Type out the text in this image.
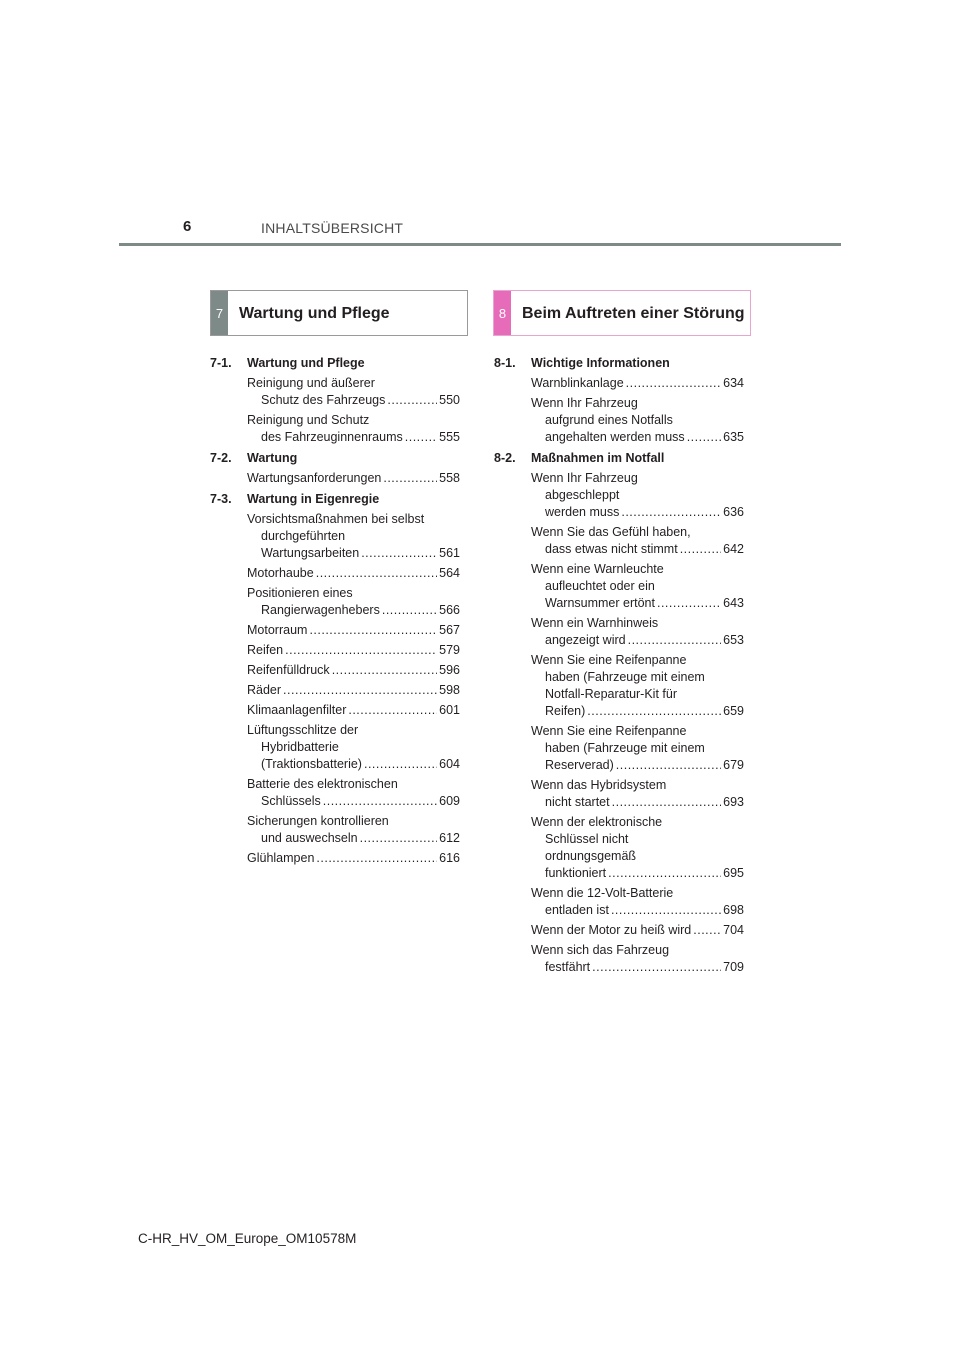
6	INHALTSÜBERSICHT
7 Wartung und Pflege	8 Beim Auftreten einer Störung
7-1.	Wartung und Pflege
Reinigung und äußerer
Schutz des Fahrzeugs .....	550
Reinigung und Schutz
des Fahrzeuginnenraums .....	555
7-2.	Wartung
Wartungsanforderungen .....	558
7-3.	Wartung in Eigenregie
Vorsichtsmaßnahmen bei selbst
durchgeführten
Wartungsarbeiten .....	561
Motorhaube .....	564
Positionieren eines
Rangierwagenhebers .....	566
Motorraum .....	567
Reifen .....	579
Reifenfülldruck .....	596
Räder .....	598
Klimaanlagenfilter .....	601
Lüftungsschlitze der
Hybridbatterie
(Traktionsbatterie) .....	604
Batterie des elektronischen
Schlüssels .....	609
Sicherungen kontrollieren
und auswechseln .....	612
Glühlampen .....	616
8-1.	Wichtige Informationen
Warnblinkanlage .....	634
Wenn Ihr Fahrzeug
aufgrund eines Notfalls
angehalten werden muss .....	635
8-2.	Maßnahmen im Notfall
Wenn Ihr Fahrzeug
abgeschleppt
werden muss .....	636
Wenn Sie das Gefühl haben,
dass etwas nicht stimmt .....	642
Wenn eine Warnleuchte
aufleuchtet oder ein
Warnsummer ertönt .....	643
Wenn ein Warnhinweis
angezeigt wird .....	653
Wenn Sie eine Reifenpanne
haben (Fahrzeuge mit einem
Notfall-Reparatur-Kit für
Reifen) .....	659
Wenn Sie eine Reifenpanne
haben (Fahrzeuge mit einem
Reserverad) .....	679
Wenn das Hybridsystem
nicht startet .....	693
Wenn der elektronische
Schlüssel nicht
ordnungsgemäß
funktioniert .....	695
Wenn die 12-Volt-Batterie
entladen ist .....	698
Wenn der Motor zu heiß wird .....	704
Wenn sich das Fahrzeug
festfährt .....	709
C-HR_HV_OM_Europe_OM10578M
